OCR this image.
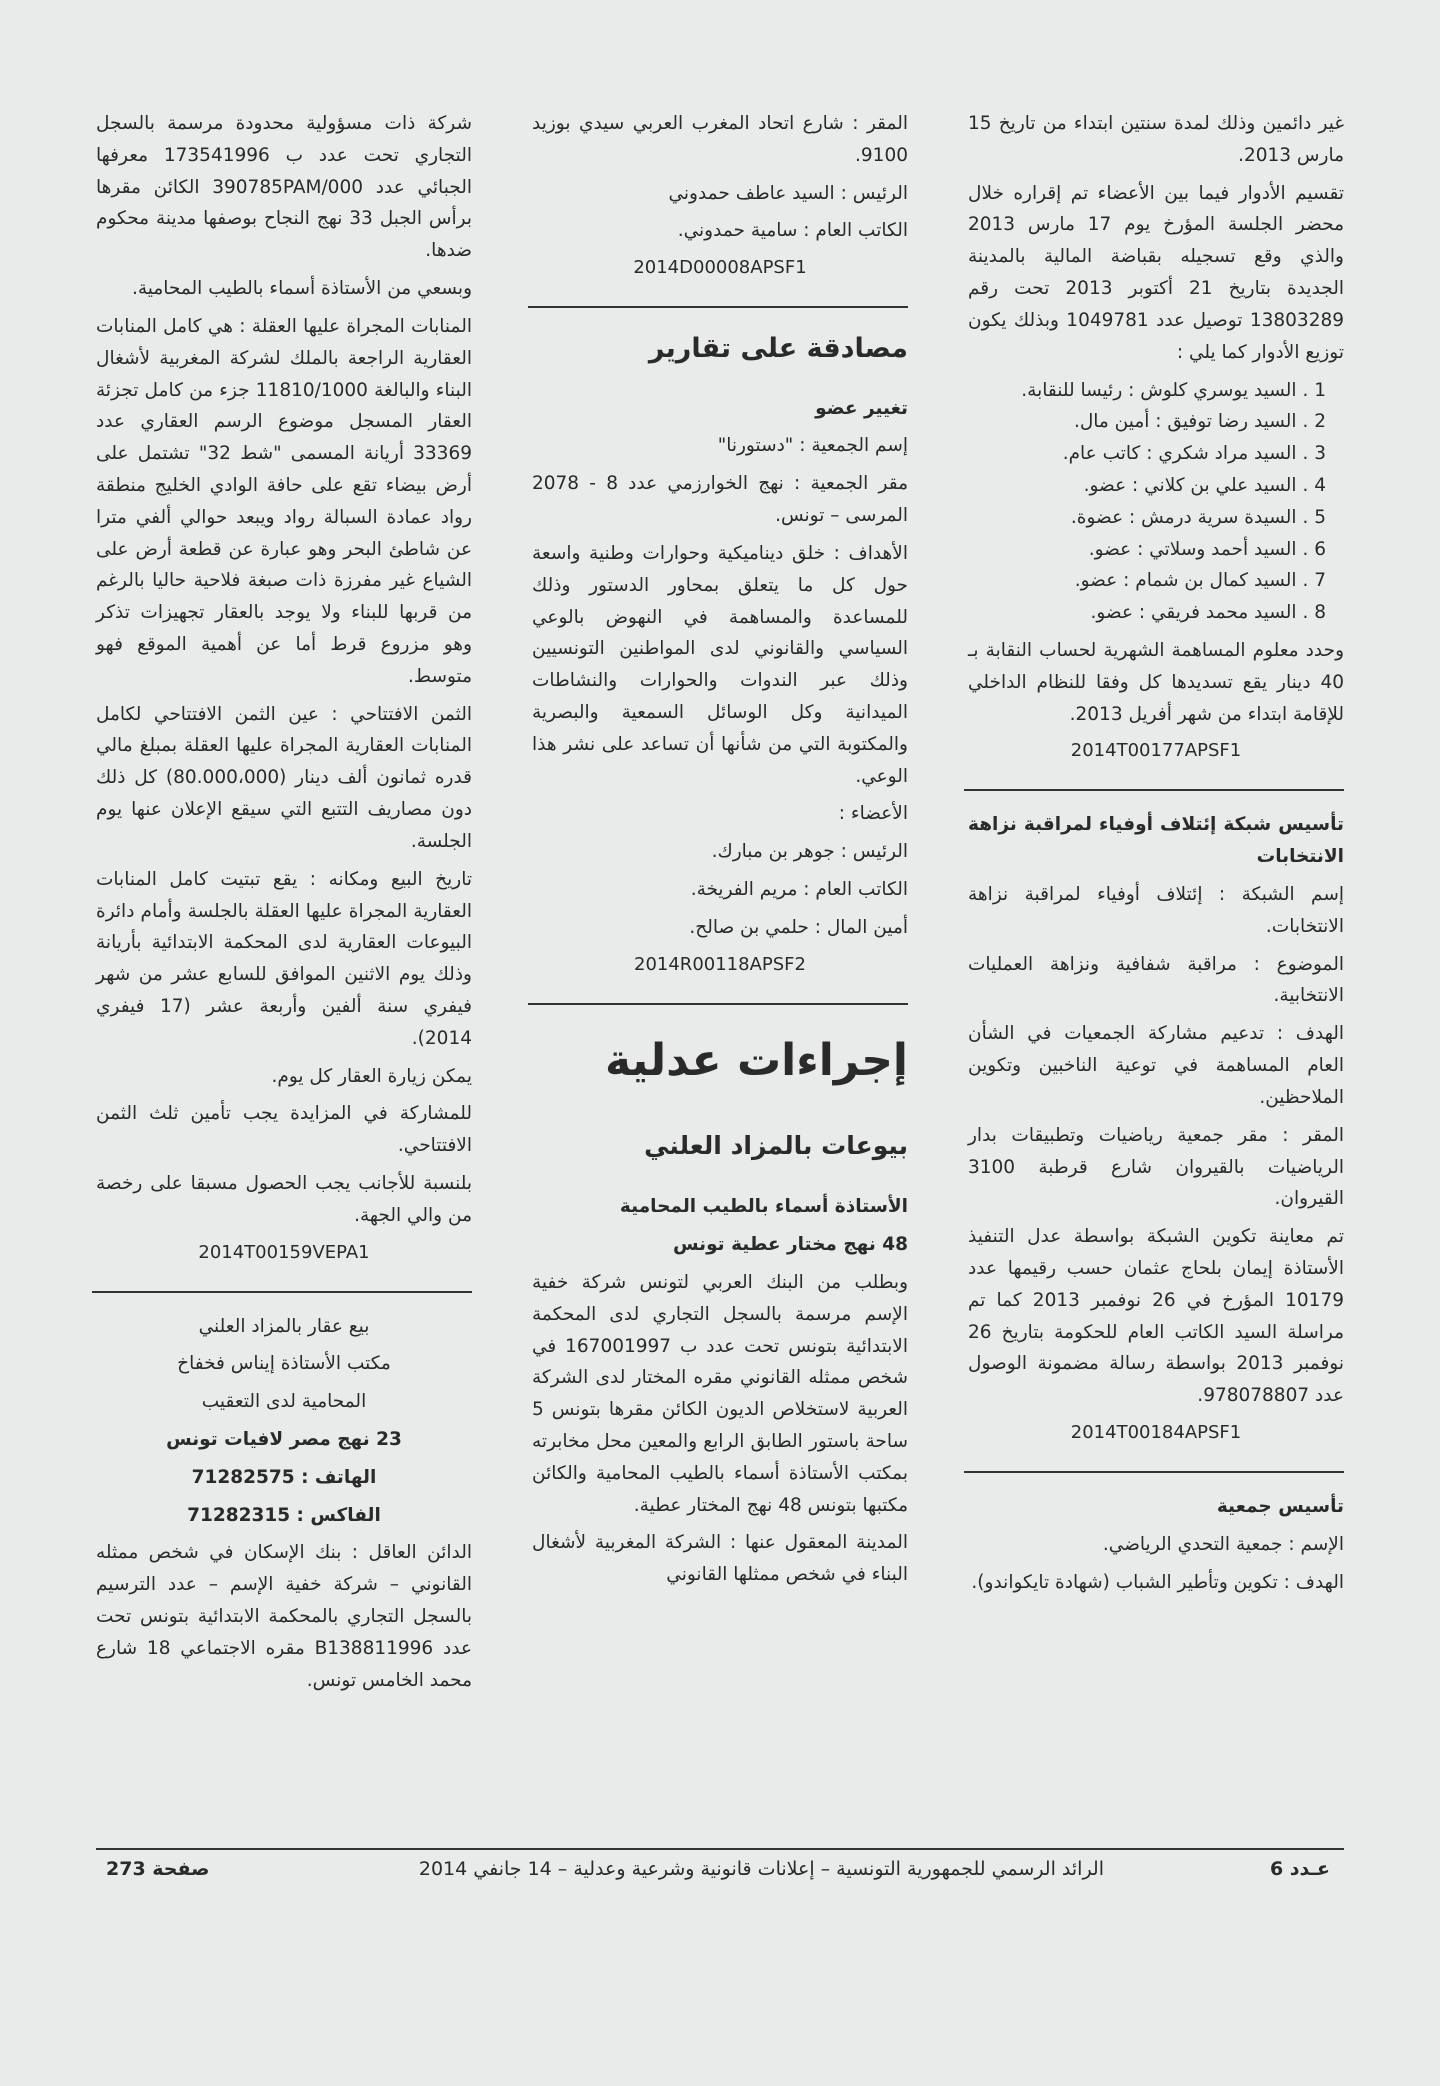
غير دائمين وذلك لمدة سنتين ابتداء من تاريخ 15 مارس 2013.

تقسيم الأدوار فيما بين الأعضاء تم إقراره خلال محضر الجلسة المؤرخ يوم 17 مارس 2013 والذي وقع تسجيله بقباضة المالية بالمدينة الجديدة بتاريخ 21 أكتوبر 2013 تحت رقم 13803289 توصيل عدد 1049781 وبذلك يكون توزيع الأدوار كما يلي :

1 . السيد يوسري كلوش : رئيسا للنقابة.
2 . السيد رضا توفيق : أمين مال.
3 . السيد مراد شكري : كاتب عام.
4 . السيد علي بن كلاني : عضو.
5 . السيدة سرية درمش : عضوة.
6 . السيد أحمد وسلاتي : عضو.
7 . السيد كمال بن شمام : عضو.
8 . السيد محمد فريقي : عضو.

وحدد معلوم المساهمة الشهرية لحساب النقابة بـ 40 دينار يقع تسديدها كل وفقا للنظام الداخلي للإقامة ابتداء من شهر أفريل 2013.

2014T00177APSF1

تأسيس شبكة إئتلاف أوفياء لمراقبة نزاهة الانتخابات

إسم الشبكة : إئتلاف أوفياء لمراقبة نزاهة الانتخابات.

الموضوع : مراقبة شفافية ونزاهة العمليات الانتخابية.

الهدف : تدعيم مشاركة الجمعيات في الشأن العام المساهمة في توعية الناخبين وتكوين الملاحظين.

المقر : مقر جمعية رياضيات وتطبيقات بدار الرياضيات بالقيروان شارع قرطبة 3100 القيروان.

تم معاينة تكوين الشبكة بواسطة عدل التنفيذ الأستاذة إيمان بلحاج عثمان حسب رقيمها عدد 10179 المؤرخ في 26 نوفمبر 2013 كما تم مراسلة السيد الكاتب العام للحكومة بتاريخ 26 نوفمبر 2013 بواسطة رسالة مضمونة الوصول عدد 978078807.

2014T00184APSF1

تأسيس جمعية

الإسم : جمعية التحدي الرياضي.

الهدف : تكوين وتأطير الشباب (شهادة تايكواندو).

المقر : شارع اتحاد المغرب العربي سيدي بوزيد 9100.

الرئيس : السيد عاطف حمدوني

الكاتب العام : سامية حمدوني.

2014D00008APSF1
مصادقة على تقارير

تغيير عضو

إسم الجمعية : "دستورنا"

مقر الجمعية : نهج الخوارزمي عدد 8 - 2078 المرسى – تونس.

الأهداف : خلق ديناميكية وحوارات وطنية واسعة حول كل ما يتعلق بمحاور الدستور وذلك للمساعدة والمساهمة في النهوض بالوعي السياسي والقانوني لدى المواطنين التونسيين وذلك عبر الندوات والحوارات والنشاطات الميدانية وكل الوسائل السمعية والبصرية والمكتوبة التي من شأنها أن تساعد على نشر هذا الوعي.

الأعضاء :

الرئيس : جوهر بن مبارك.

الكاتب العام : مريم الفريخة.

أمين المال : حلمي بن صالح.

2014R00118APSF2
إجراءات عدلية
بيوعات بالمزاد العلني

الأستاذة أسماء بالطيب المحامية

48 نهج مختار عطية تونس

وبطلب من البنك العربي لتونس شركة خفية الإسم مرسمة بالسجل التجاري لدى المحكمة الابتدائية بتونس تحت عدد ب 167001997 في شخص ممثله القانوني مقره المختار لدى الشركة العربية لاستخلاص الديون الكائن مقرها بتونس 5 ساحة باستور الطابق الرابع والمعين محل مخابرته بمكتب الأستاذة أسماء بالطيب المحامية والكائن مكتبها بتونس 48 نهج المختار عطية.

المدينة المعقول عنها : الشركة المغربية لأشغال البناء في شخص ممثلها القانوني

شركة ذات مسؤولية محدودة مرسمة بالسجل التجاري تحت عدد ب 173541996 معرفها الجبائي عدد 390785PAM/000 الكائن مقرها برأس الجبل 33 نهج النجاح بوصفها مدينة محكوم ضدها.

وبسعي من الأستاذة أسماء بالطيب المحامية.

المنابات المجراة عليها العقلة : هي كامل المنابات العقارية الراجعة بالملك لشركة المغربية لأشغال البناء والبالغة 11810/1000 جزء من كامل تجزئة العقار المسجل موضوع الرسم العقاري عدد 33369 أريانة المسمى "شط 32" تشتمل على أرض بيضاء تقع على حافة الوادي الخليج منطقة رواد عمادة السبالة رواد ويبعد حوالي ألفي مترا عن شاطئ البحر وهو عبارة عن قطعة أرض على الشياع غير مفرزة ذات صبغة فلاحية حاليا بالرغم من قربها للبناء ولا يوجد بالعقار تجهيزات تذكر وهو مزروع قرط أما عن أهمية الموقع فهو متوسط.

الثمن الافتتاحي : عين الثمن الافتتاحي لكامل المنابات العقارية المجراة عليها العقلة بمبلغ مالي قدره ثمانون ألف دينار (80.000،000) كل ذلك دون مصاريف التتبع التي سيقع الإعلان عنها يوم الجلسة.

تاريخ البيع ومكانه : يقع تبتيت كامل المنابات العقارية المجراة عليها العقلة بالجلسة وأمام دائرة البيوعات العقارية لدى المحكمة الابتدائية بأريانة وذلك يوم الاثنين الموافق للسابع عشر من شهر فيفري سنة ألفين وأربعة عشر (17 فيفري 2014).

يمكن زيارة العقار كل يوم.

للمشاركة في المزايدة يجب تأمين ثلث الثمن الافتتاحي.

بلنسبة للأجانب يجب الحصول مسبقا على رخصة من والي الجهة.

2014T00159VEPA1

بيع عقار بالمزاد العلني

مكتب الأستاذة إيناس فخفاخ

المحامية لدى التعقيب

23 نهج مصر لافيات تونس

الهاتف : 71282575

الفاكس : 71282315

الدائن العاقل : بنك الإسكان في شخص ممثله القانوني – شركة خفية الإسم – عدد الترسيم بالسجل التجاري بالمحكمة الابتدائية بتونس تحت عدد B138811996 مقره الاجتماعي 18 شارع محمد الخامس تونس.

عـدد 6
الرائد الرسمي للجمهورية التونسية – إعلانات قانونية وشرعية وعدلية – 14 جانفي 2014
صفحة 273
